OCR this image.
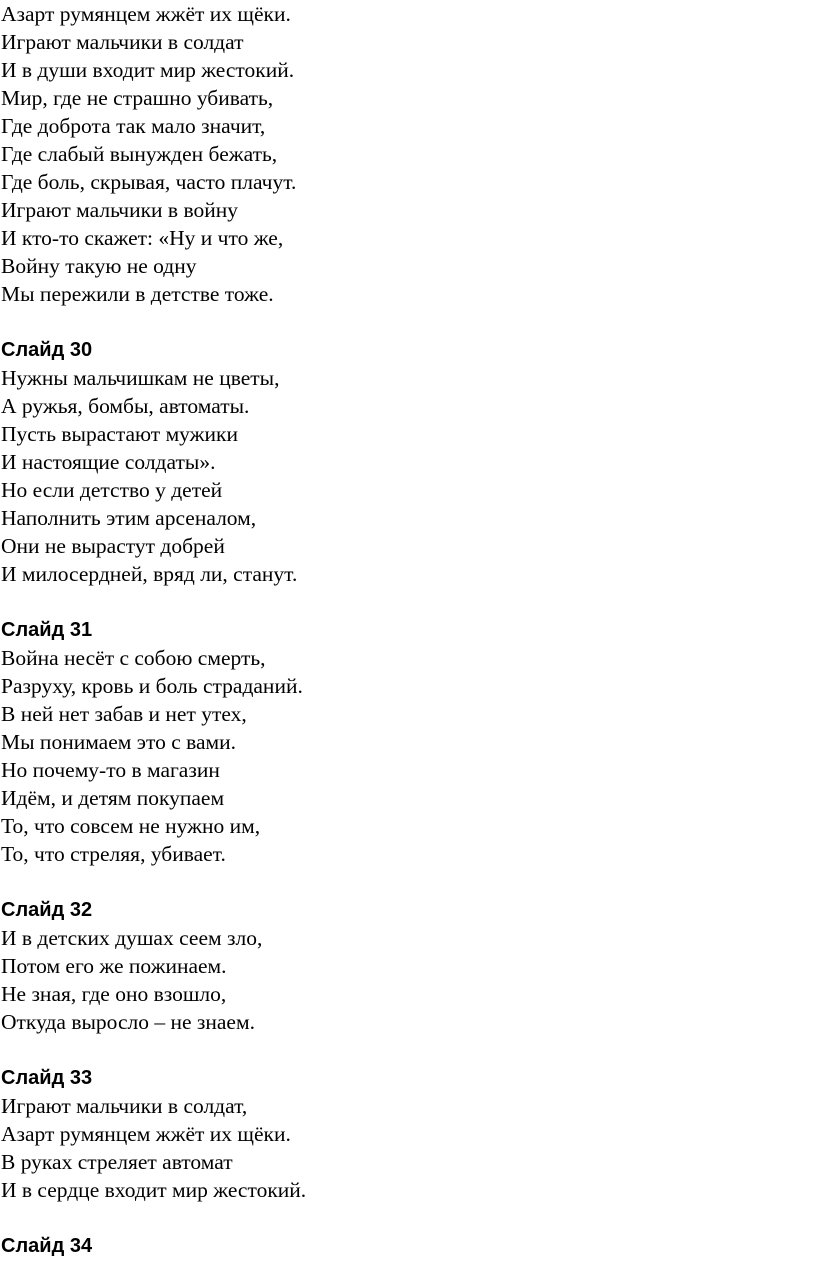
Азарт румянцем жжёт их щёки.
Играют мальчики в солдат
И в души входит мир жестокий.
Мир, где не страшно убивать,
Где доброта так мало значит,
Где слабый вынужден бежать,
Где боль, скрывая, часто плачут.
Играют мальчики в войну
И кто-то скажет: «Ну и что же,
Войну такую не одну
Мы пережили в детстве тоже.
Слайд 30
Нужны мальчишкам не цветы,
А ружья, бомбы, автоматы.
Пусть вырастают мужики
И настоящие солдаты».
Но если детство у детей
Наполнить этим арсеналом,
Они не вырастут добрей
И милосердней, вряд ли, станут.
Слайд 31
Война несёт с собою смерть,
Разруху, кровь и боль страданий.
В ней нет забав и нет утех,
Мы понимаем это с вами.
Но почему-то в магазин
Идём, и детям покупаем
То, что совсем не нужно им,
То, что стреляя, убивает.
Слайд 32
И в детских душах сеем зло,
Потом его же пожинаем.
Не зная, где оно взошло,
Откуда выросло – не знаем.
Слайд 33
Играют мальчики в солдат,
Азарт румянцем жжёт их щёки.
В руках стреляет автомат
И в сердце входит мир жестокий.
Слайд 34
